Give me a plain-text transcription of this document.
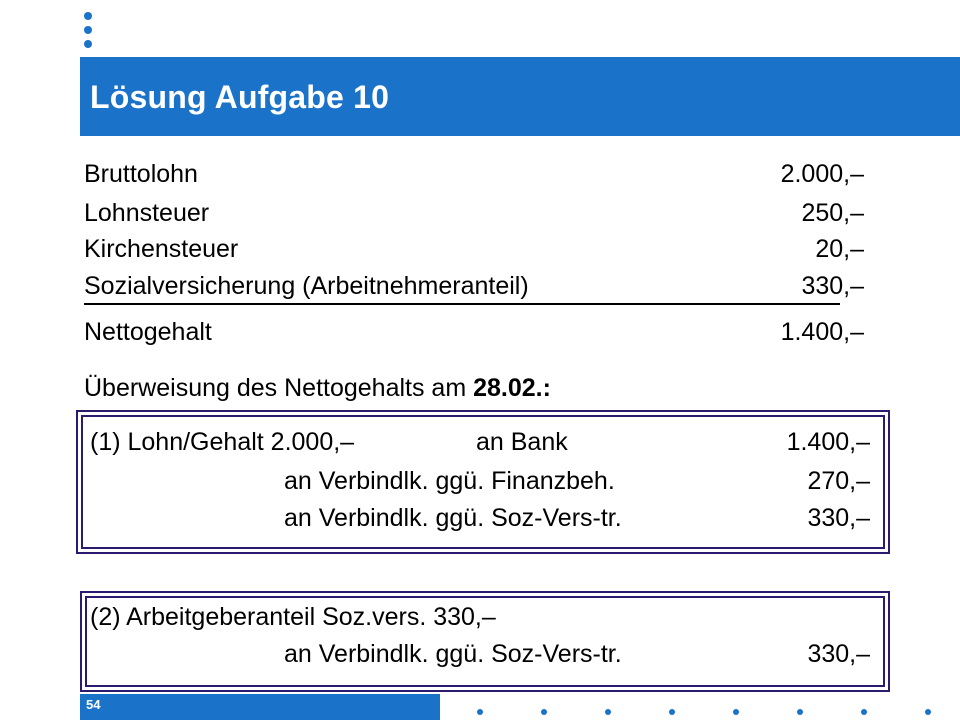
Lösung Aufgabe 10
Bruttolohn	2.000,–
Lohnsteuer	250,–
Kirchensteuer	20,–
Sozialversicherung (Arbeitnehmeranteil)	330,–
Nettogehalt	1.400,–
Überweisung des Nettogehalts am 28.02.:
(1) Lohn/Gehalt 2.000,–	an Bank	1.400,–
an Verbindlk. ggü. Finanzbeh.	270,–
an Verbindlk. ggü. Soz-Vers-tr.	330,–
(2) Arbeitgeberanteil Soz.vers. 330,–
an Verbindlk. ggü. Soz-Vers-tr.	330,–
54
